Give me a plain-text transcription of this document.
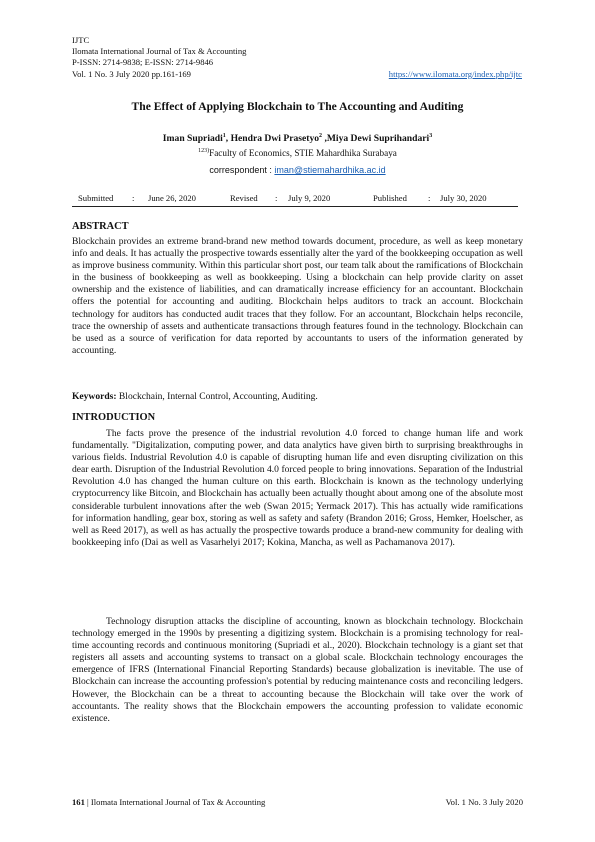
IJTC
Ilomata International Journal of Tax & Accounting
P-ISSN: 2714-9838; E-ISSN: 2714-9846
Vol. 1 No. 3 July 2020 pp.161-169	https://www.ilomata.org/index.php/ijtc
The Effect of Applying Blockchain to The Accounting and Auditing
Iman Supriadi$^1$, Hendra Dwi Prasetyo$^2$ ,Miya Dewi Suprihandari$^3$
$^{123)}$Faculty of Economics, STIE Mahardhika Surabaya
correspondent : iman@stiemahardhika.ac.id
Submitted : June 26, 2020	Revised : July 9, 2020	Published : July 30, 2020
ABSTRACT
Blockchain provides an extreme brand-brand new method towards document, procedure, as well as keep monetary info and deals. It has actually the prospective towards essentially alter the yard of the bookkeeping occupation as well as improve business community. Within this particular short post, our team talk about the ramifications of Blockchain in the business of bookkeeping as well as bookkeeping. Using a blockchain can help provide clarity on asset ownership and the existence of liabilities, and can dramatically increase efficiency for an accountant. Blockchain offers the potential for accounting and auditing. Blockchain helps auditors to track an account. Blockchain technology for auditors has conducted audit traces that they follow. For an accountant, Blockchain helps reconcile, trace the ownership of assets and authenticate transactions through features found in the technology. Blockchain can be used as a source of verification for data reported by accountants to users of the information generated by accounting.
Keywords: Blockchain, Internal Control, Accounting, Auditing.
INTRODUCTION
The facts prove the presence of the industrial revolution 4.0 forced to change human life and work fundamentally. "Digitalization, computing power, and data analytics have given birth to surprising breakthroughs in various fields. Industrial Revolution 4.0 is capable of disrupting human life and even disrupting civilization on this dear earth. Disruption of the Industrial Revolution 4.0 forced people to bring innovations. Separation of the Industrial Revolution 4.0 has changed the human culture on this earth. Blockchain is known as the technology underlying cryptocurrency like Bitcoin, and Blockchain has actually been actually thought about among one of the absolute most considerable turbulent innovations after the web (Swan 2015; Yermack 2017). This has actually wide ramifications for information handling, gear box, storing as well as safety and safety (Brandon 2016; Gross, Hemker, Hoelscher, as well as Reed 2017), as well as has actually the prospective towards produce a brand-new community for dealing with bookkeeping info (Dai as well as Vasarhelyi 2017; Kokina, Mancha, as well as Pachamanova 2017).
Technology disruption attacks the discipline of accounting, known as blockchain technology. Blockchain technology emerged in the 1990s by presenting a digitizing system. Blockchain is a promising technology for real-time accounting records and continuous monitoring (Supriadi et al., 2020). Blockchain technology is a giant set that registers all assets and accounting systems to transact on a global scale. Blockchain technology encourages the emergence of IFRS (International Financial Reporting Standards) because globalization is inevitable. The use of Blockchain can increase the accounting profession's potential by reducing maintenance costs and reconciling ledgers. However, the Blockchain can be a threat to accounting because the Blockchain will take over the work of accountants. The reality shows that the Blockchain empowers the accounting profession to validate economic existence.
161 | Ilomata International Journal of Tax & Accounting	Vol. 1 No. 3 July 2020
